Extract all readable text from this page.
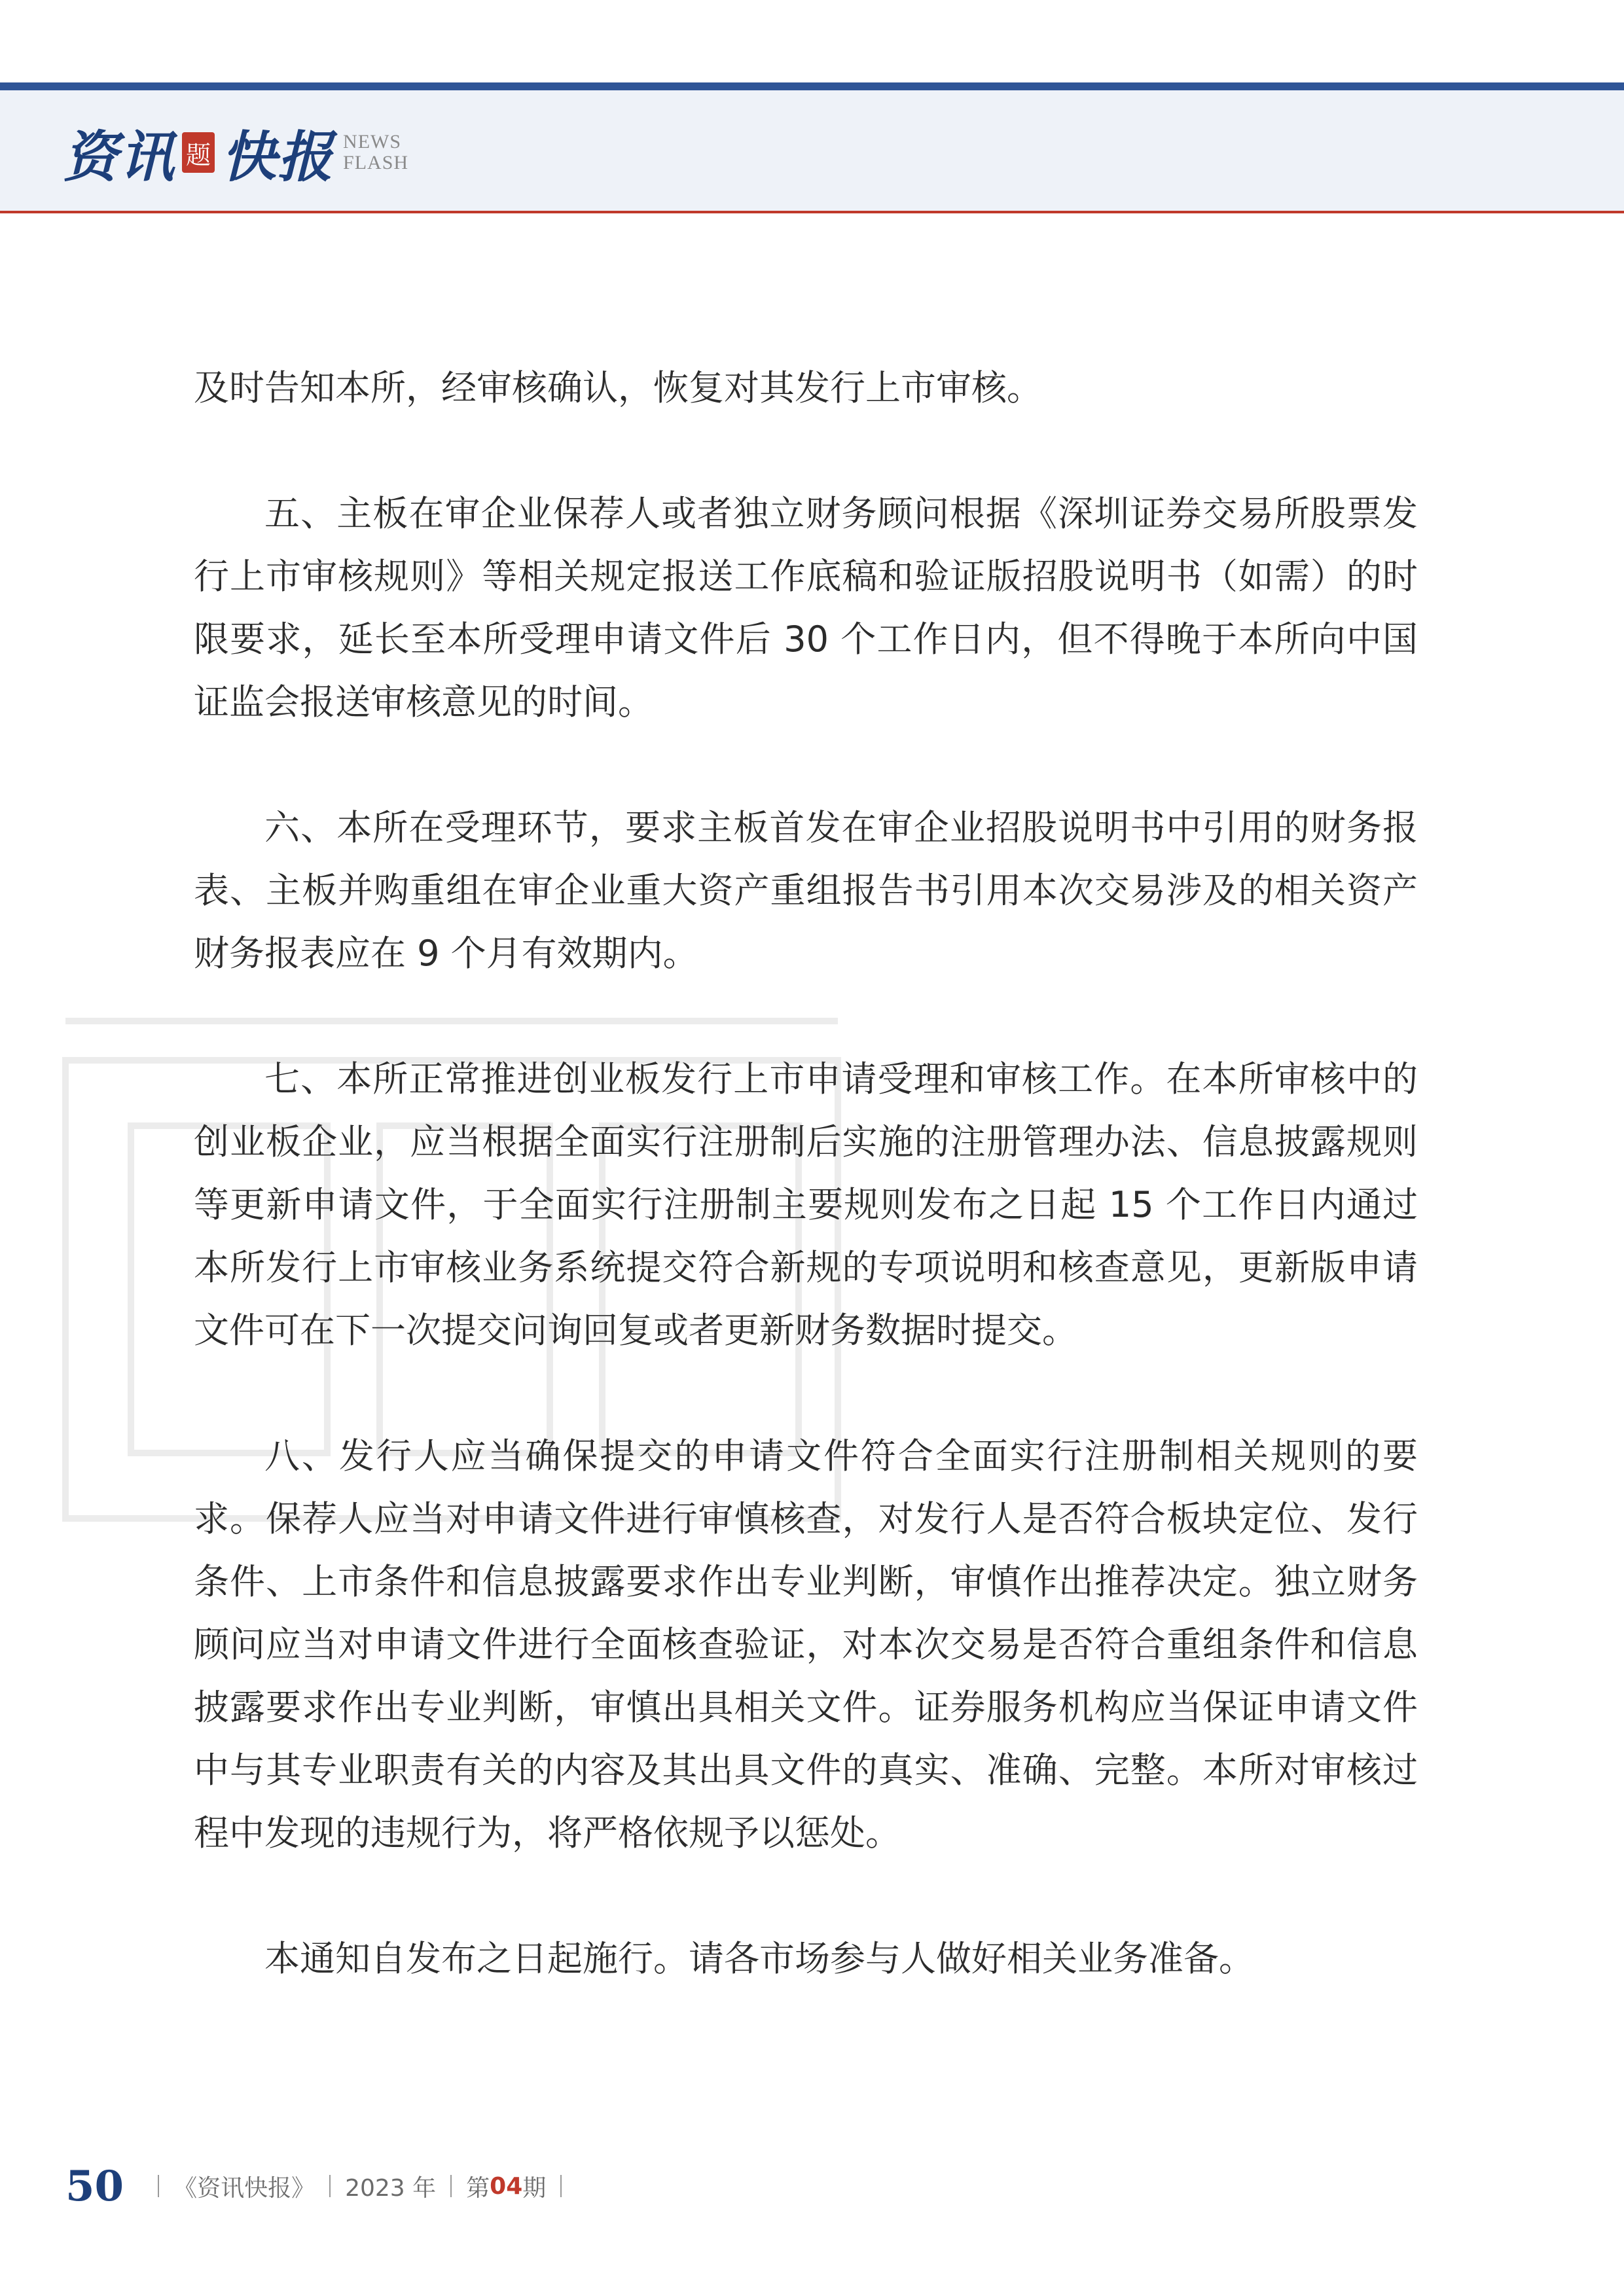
资讯 题 快报 NEWS
FLASH

及时告知本所，经审核确认，恢复对其发行上市审核。

五、主板在审企业保荐人或者独立财务顾问根据《深圳证券交易所股票发行上市审核规则》等相关规定报送工作底稿和验证版招股说明书（如需）的时限要求，延长至本所受理申请文件后 30 个工作日内，但不得晚于本所向中国证监会报送审核意见的时间。

六、本所在受理环节，要求主板首发在审企业招股说明书中引用的财务报表、主板并购重组在审企业重大资产重组报告书引用本次交易涉及的相关资产财务报表应在 9 个月有效期内。

七、本所正常推进创业板发行上市申请受理和审核工作。在本所审核中的创业板企业，应当根据全面实行注册制后实施的注册管理办法、信息披露规则等更新申请文件，于全面实行注册制主要规则发布之日起 15 个工作日内通过本所发行上市审核业务系统提交符合新规的专项说明和核查意见，更新版申请文件可在下一次提交问询回复或者更新财务数据时提交。

八、发行人应当确保提交的申请文件符合全面实行注册制相关规则的要求。保荐人应当对申请文件进行审慎核查，对发行人是否符合板块定位、发行条件、上市条件和信息披露要求作出专业判断，审慎作出推荐决定。独立财务顾问应当对申请文件进行全面核查验证，对本次交易是否符合重组条件和信息披露要求作出专业判断，审慎出具相关文件。证券服务机构应当保证申请文件中与其专业职责有关的内容及其出具文件的真实、准确、完整。本所对审核过程中发现的违规行为，将严格依规予以惩处。

本通知自发布之日起施行。请各市场参与人做好相关业务准备。

50 《资讯快报》 2023 年 第 04 期
